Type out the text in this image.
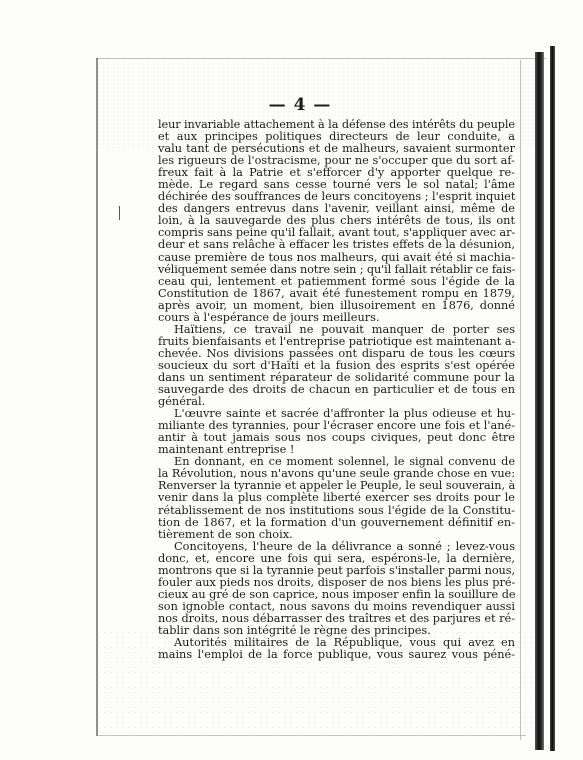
— 4 —
leur invariable attachement à la défense des intérêts du peuple
et aux principes politiques directeurs de leur conduite, a
valu tant de persécutions et de malheurs, savaient surmonter
les rigueurs de l'ostracisme, pour ne s'occuper que du sort af-
freux fait à la Patrie et s'efforcer d'y apporter quelque re-
mède. Le regard sans cesse tourné vers le sol natal; l'âme
déchirée des souffrances de leurs concitoyens ; l'esprit inquiet
des dangers entrevus dans l'avenir, veillant ainsi, même de
loin, à la sauvegarde des plus chers intérêts de tous, ils ont
compris sans peine qu'il fallait, avant tout, s'appliquer avec ar-
deur et sans relâche à effacer les tristes effets de la désunion,
cause première de tous nos malheurs, qui avait été si machia-
véliquement semée dans notre sein ; qu'il fallait rétablir ce fais-
ceau qui, lentement et patiemment formé sous l'égide de la
Constitution de 1867, avait été funestement rompu en 1879,
après avoir, un moment, bien illusoirement en 1876, donné
cours à l'espérance de jours meilleurs.
Haïtiens, ce travail ne pouvait manquer de porter ses
fruits bienfaisants et l'entreprise patriotique est maintenant a-
chevée. Nos divisions passées ont disparu de tous les cœurs
soucieux du sort d'Haïti et la fusion des esprits s'est opérée
dans un sentiment réparateur de solidarité commune pour la
sauvegarde des droits de chacun en particulier et de tous en
général.
L'œuvre sainte et sacrée d'affronter la plus odieuse et hu-
miliante des tyrannies, pour l'écraser encore une fois et l'ané-
antir à tout jamais sous nos coups civiques, peut donc être
maintenant entreprise !
En donnant, en ce moment solennel, le signal convenu de
la Révolution, nous n'avons qu'une seule grande chose en vue:
Renverser la tyrannie et appeler le Peuple, le seul souverain, à
venir dans la plus complète liberté exercer ses droits pour le
rétablissement de nos institutions sous l'égide de la Constitu-
tion de 1867, et la formation d'un gouvernement définitif en-
tièrement de son choix.
Concitoyens, l'heure de la délivrance a sonné ; levez-vous
donc, et, encore une fois qui sera, espérons-le, la dernière,
montrons que si la tyrannie peut parfois s'installer parmi nous,
fouler aux pieds nos droits, disposer de nos biens les plus pré-
cieux au gré de son caprice, nous imposer enfin la souillure de
son ignoble contact, nous savons du moins revendiquer aussi
nos droits, nous débarrasser des traîtres et des parjures et ré-
tablir dans son intégrité le règne des principes.
Autorités militaires de la République, vous qui avez en
mains l'emploi de la force publique, vous saurez vous péné-
